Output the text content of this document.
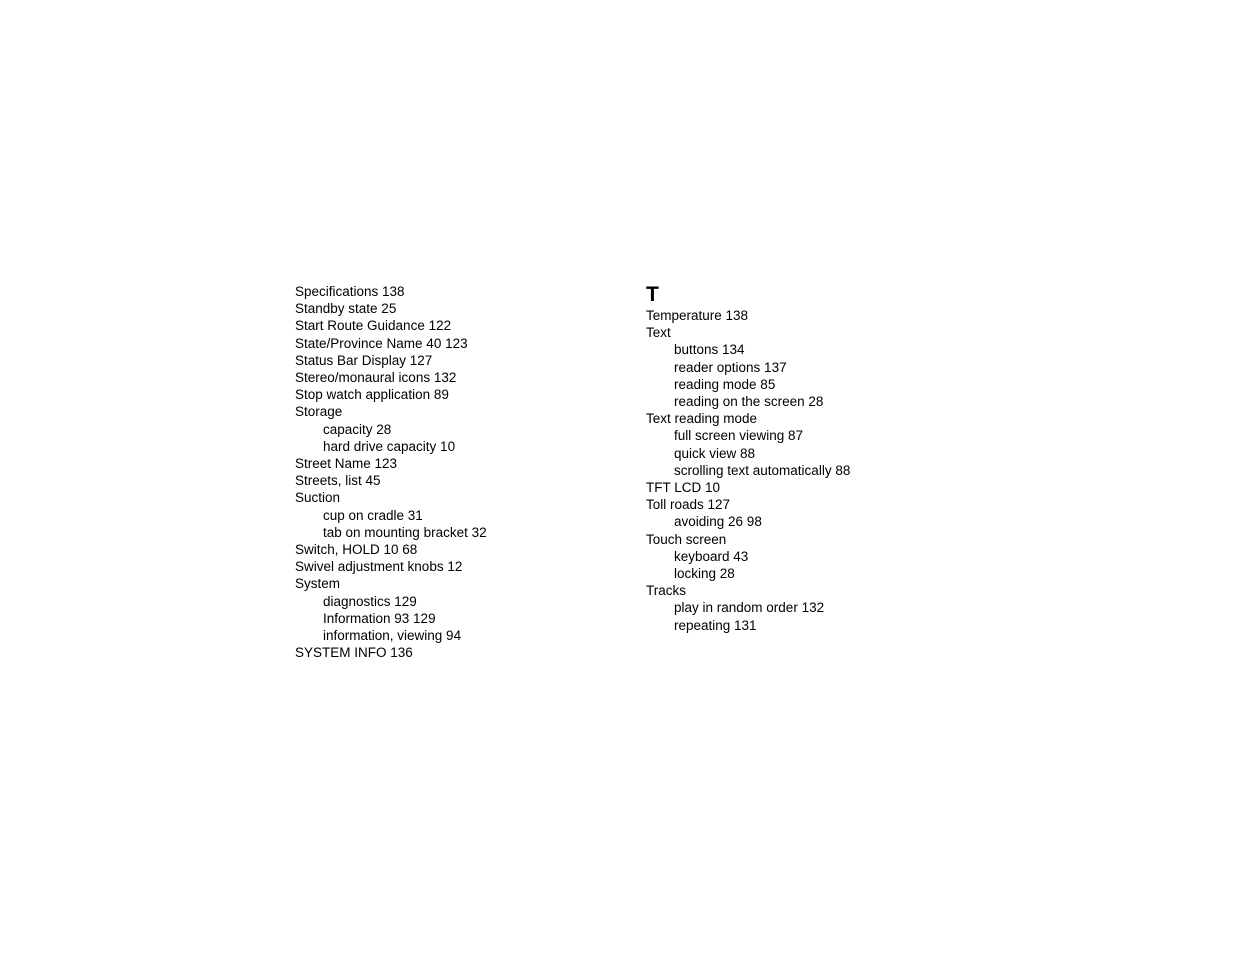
Specifications 138
Standby state 25
Start Route Guidance 122
State/Province Name 40 123
Status Bar Display 127
Stereo/monaural icons 132
Stop watch application 89
Storage
capacity 28
hard drive capacity 10
Street Name 123
Streets, list 45
Suction
cup on cradle 31
tab on mounting bracket 32
Switch, HOLD 10 68
Swivel adjustment knobs 12
System
diagnostics 129
Information 93 129
information, viewing 94
SYSTEM INFO 136
T
Temperature 138
Text
buttons 134
reader options 137
reading mode 85
reading on the screen 28
Text reading mode
full screen viewing 87
quick view 88
scrolling text automatically 88
TFT LCD 10
Toll roads 127
avoiding 26 98
Touch screen
keyboard 43
locking 28
Tracks
play in random order 132
repeating 131
